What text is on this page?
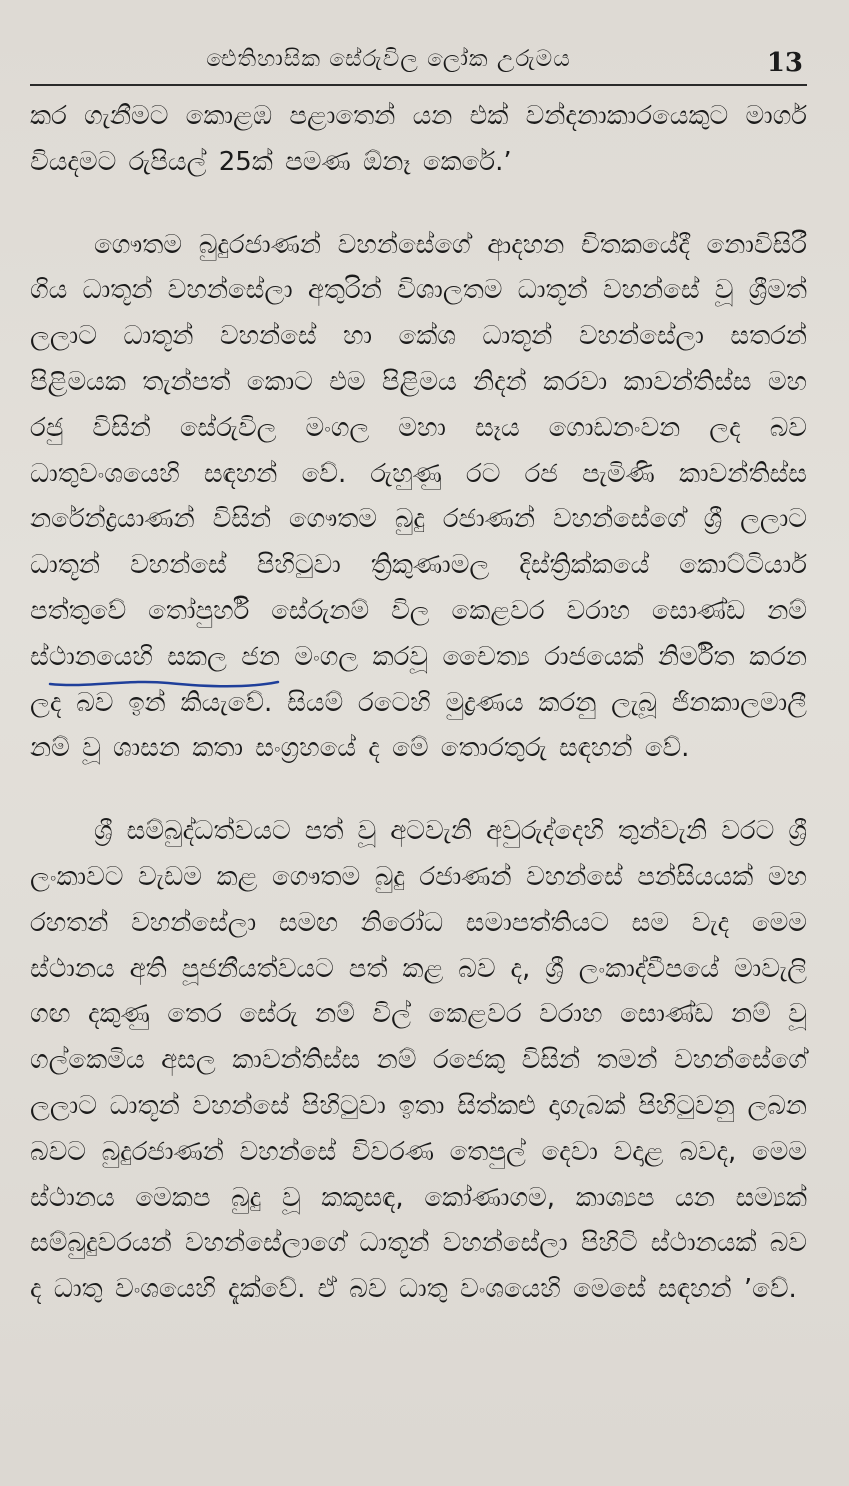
ඓතිහාසික සේරුවිල ලෝක උරුමය	13

කර ගැනීමට කොළඹ පළාතෙන් යන එක් වන්දනාකාරයෙකුට මාර්ග වියදමට රුපියල් 25ක් පමණ ඕනෑ කෙරේ.’

ගෞතම බුදුරජාණන් වහන්සේගේ ආදහන චිතකයේදී නොවිසිරී ගිය ධාතූන් වහන්සේලා අතුරින් විශාලතම ධාතූන් වහන්සේ වූ ශ්‍රීමත් ලලාට ධාතූන් වහන්සේ හා කේශ ධාතූන් වහන්සේලා සතරන් පිළිමයක තැන්පත් කොට එම පිළිමය නිදන් කරවා කාවන්තිස්ස මහ රජු විසින් සේරුවිල මංගල මහා සෑය ගොඩනංවන ලද බව ධාතුවංශයෙහි සඳහන් වේ. රුහුණු රට රජ පැමිණි කාවන්තිස්ස නරේන්ද්‍රයාණන් විසින් ගෞතම බුදු රජාණන් වහන්සේගේ ශ්‍රී ලලාට ධාතූන් වහන්සේ පිහිටුවා ත්‍රිකුණාමල දිස්ත්‍රික්කයේ කොට්ටියාර් පත්තුවේ තෝපුර්හි සේරුනම් විල කෙළවර වරාහ සොණ්ඩ නම් ස්ථානයෙහි සකල ජන මංගල කරවූ චෛත්‍ය රාජයෙක් නිර්මිත කරන ලද බව ඉන් කියැවේ. සියම් රටෙහි මුද්‍රණය කරනු ලැබූ ජිනකාලමාලී නම් වූ ශාසන කතා සංග්‍රහයේ ද මේ තොරතුරු සඳහන් වේ.

ශ්‍රී සම්බුද්ධත්වයට පත් වූ අටවැනි අවුරුද්දෙහි තුන්වැනි වරට ශ්‍රී ලංකාවට වැඩම කළ ගෞතම බුදු රජාණන් වහන්සේ පන්සියයක් මහ රහතන් වහන්සේලා සමඟ නිරෝධ සමාපත්තියට සම වැද මෙම ස්ථානය අති පූජනීයත්වයට පත් කළ බව ද, ශ්‍රී ලංකාද්වීපයේ මාවැලි ගඟ දකුණු තෙර සේරු නම් විල් කෙළවර වරාහ සොණ්ඩ නම් වූ ගල්කෙමිය අසල කාවන්තිස්ස නම් රජෙකු විසින් තමන් වහන්සේගේ ලලාට ධාතූන් වහන්සේ පිහිටුවා ඉතා සිත්කළු දාගැබක් පිහිටුවනු ලබන බවට බුදුරජාණන් වහන්සේ විවරණ තෙපුල් දෙවා වදාළ බවද, මෙම ස්ථානය මෙකප බුදු වූ කකුසඳ, කෝණාගම, කාශ්‍යප යන සම්‍යක් සම්බුදුවරයන් වහන්සේලාගේ ධාතූන් වහන්සේලා පිහිටි ස්ථානයක් බව ද ධාතු වංශයෙහි දැක්වේ. ඒ බව ධාතු වංශයෙහි මෙසේ සඳහන් ’වේ.
